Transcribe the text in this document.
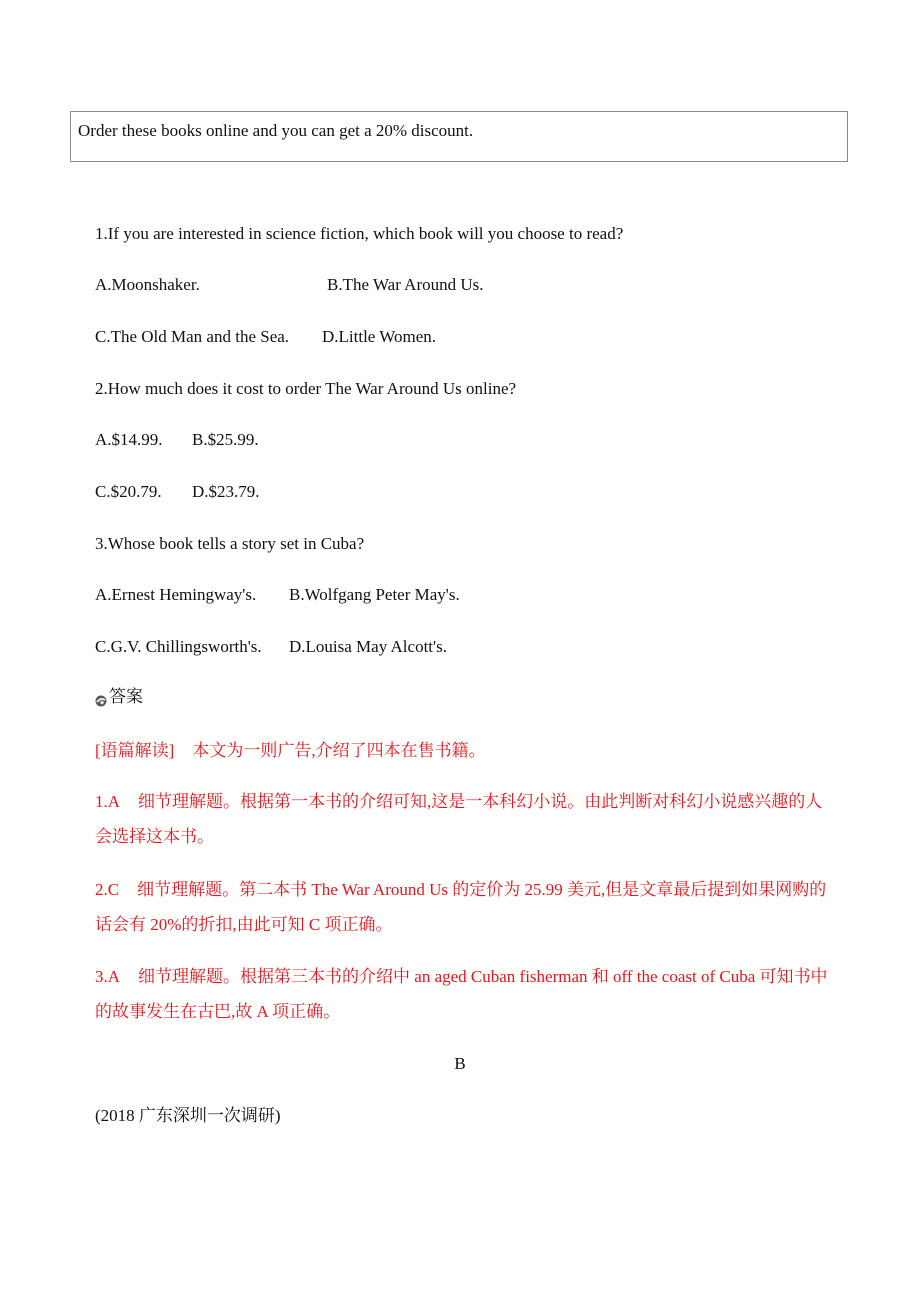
Order these books online and you can get a 20% discount.
1.If you are interested in science fiction, which book will you choose to read?
A.Moonshaker.	B.The War Around Us.
C.The Old Man and the Sea. D.Little Women.
2.How much does it cost to order The War Around Us online?
A.$14.99. B.$25.99.
C.$20.79. D.$23.79.
3.Whose book tells a story set in Cuba?
A.Ernest Hemingway's. B.Wolfgang Peter May's.
C.G.V. Chillingsworth's. D.Louisa May Alcott's.
答案
[语篇解读] 本文为一则广告,介绍了四本在售书籍。
1.A 细节理解题。根据第一本书的介绍可知,这是一本科幻小说。由此判断对科幻小说感兴趣的人会选择这本书。
2.C 细节理解题。第二本书 The War Around Us 的定价为 25.99 美元,但是文章最后提到如果网购的话会有 20%的折扣,由此可知 C 项正确。
3.A 细节理解题。根据第三本书的介绍中 an aged Cuban fisherman 和 off the coast of Cuba 可知书中的故事发生在古巴,故 A 项正确。
B
(2018 广东深圳一次调研)
